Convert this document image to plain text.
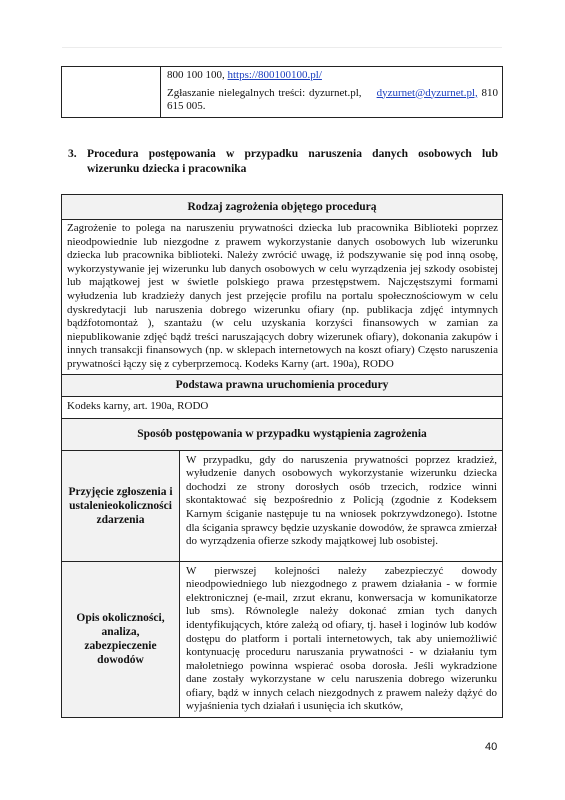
800 100 100, https://800100100.pl/
Zgłaszanie nielegalnych treści: dyzurnet.pl, dyzurnet@dyzurnet.pl, 810 615 005.
3. Procedura postępowania w przypadku naruszenia danych osobowych lub wizerunku dziecka i pracownika
Rodzaj zagrożenia objętego procedurą	
Zagrożenie to polega na naruszeniu prywatności dziecka lub pracownika Biblioteki poprzez nieodpowiednie lub niezgodne z prawem wykorzystanie danych osobowych lub wizerunku dziecka lub pracownika biblioteki. Należy zwrócić uwagę, iż podszywanie się pod inną osobę, wykorzystywanie jej wizerunku lub danych osobowych w celu wyrządzenia jej szkody osobistej lub majątkowej jest w świetle polskiego prawa przestępstwem. Najczęstszymi formami wyłudzenia lub kradzieży danych jest przejęcie profilu na portalu społecznościowym w celu dyskredytacji lub naruszenia dobrego wizerunku ofiary (np. publikacja zdjęć intymnych bądźfotomontaż ), szantażu (w celu uzyskania korzyści finansowych w zamian za niepublikowanie zdjęć bądź treści naruszających dobry wizerunek ofiary), dokonania zakupów i innych transakcji finansowych (np. w sklepach internetowych na koszt ofiary) Często naruszenia prywatności łączy się z cyberprzemocą. Kodeks Karny (art. 190a), RODO	
Podstawa prawna uruchomienia procedury	
Kodeks karny, art. 190a, RODO	
Sposób postępowania w przypadku wystąpienia zagrożenia	
Przyjęcie zgłoszenia i ustaleniеokoliczności zdarzenia	W przypadku, gdy do naruszenia prywatności poprzez kradzież, wyłudzenie danych osobowych wykorzystanie wizerunku dziecka dochodzi ze strony dorosłych osób trzecich, rodzice winni skontaktować się bezpośrednio z Policją (zgodnie z Kodeksem Karnym ściganie następuje tu na wniosek pokrzywdzonego). Istotne dla ścigania sprawcy będzie uzyskanie dowodów, że sprawca zmierzał do wyrządzenia ofierze szkody majątkowej lub osobistej.
Opis okoliczności, analiza, zabezpieczenie dowodów	W pierwszej kolejności należy zabezpieczyć dowody nieodpowiedniego lub niezgodnego z prawem działania - w formie elektronicznej (e-mail, zrzut ekranu, konwersacja w komunikatorze lub sms). Równolegle należy dokonać zmian tych danych identyfikujących, które zależą od ofiary, tj. haseł i loginów lub kodów dostępu do platform i portali internetowych, tak aby uniemożliwić kontynuację proceduru naruszania prywatności - w działaniu tym małoletniego powinna wspierać osoba dorosła. Jeśli wykradzione dane zostały wykorzystane w celu naruszenia dobrego wizerunku ofiary, bądź w innych celach niezgodnych z prawem należy dążyć do wyjaśnienia tych działań i usunięcia ich skutków,
40
